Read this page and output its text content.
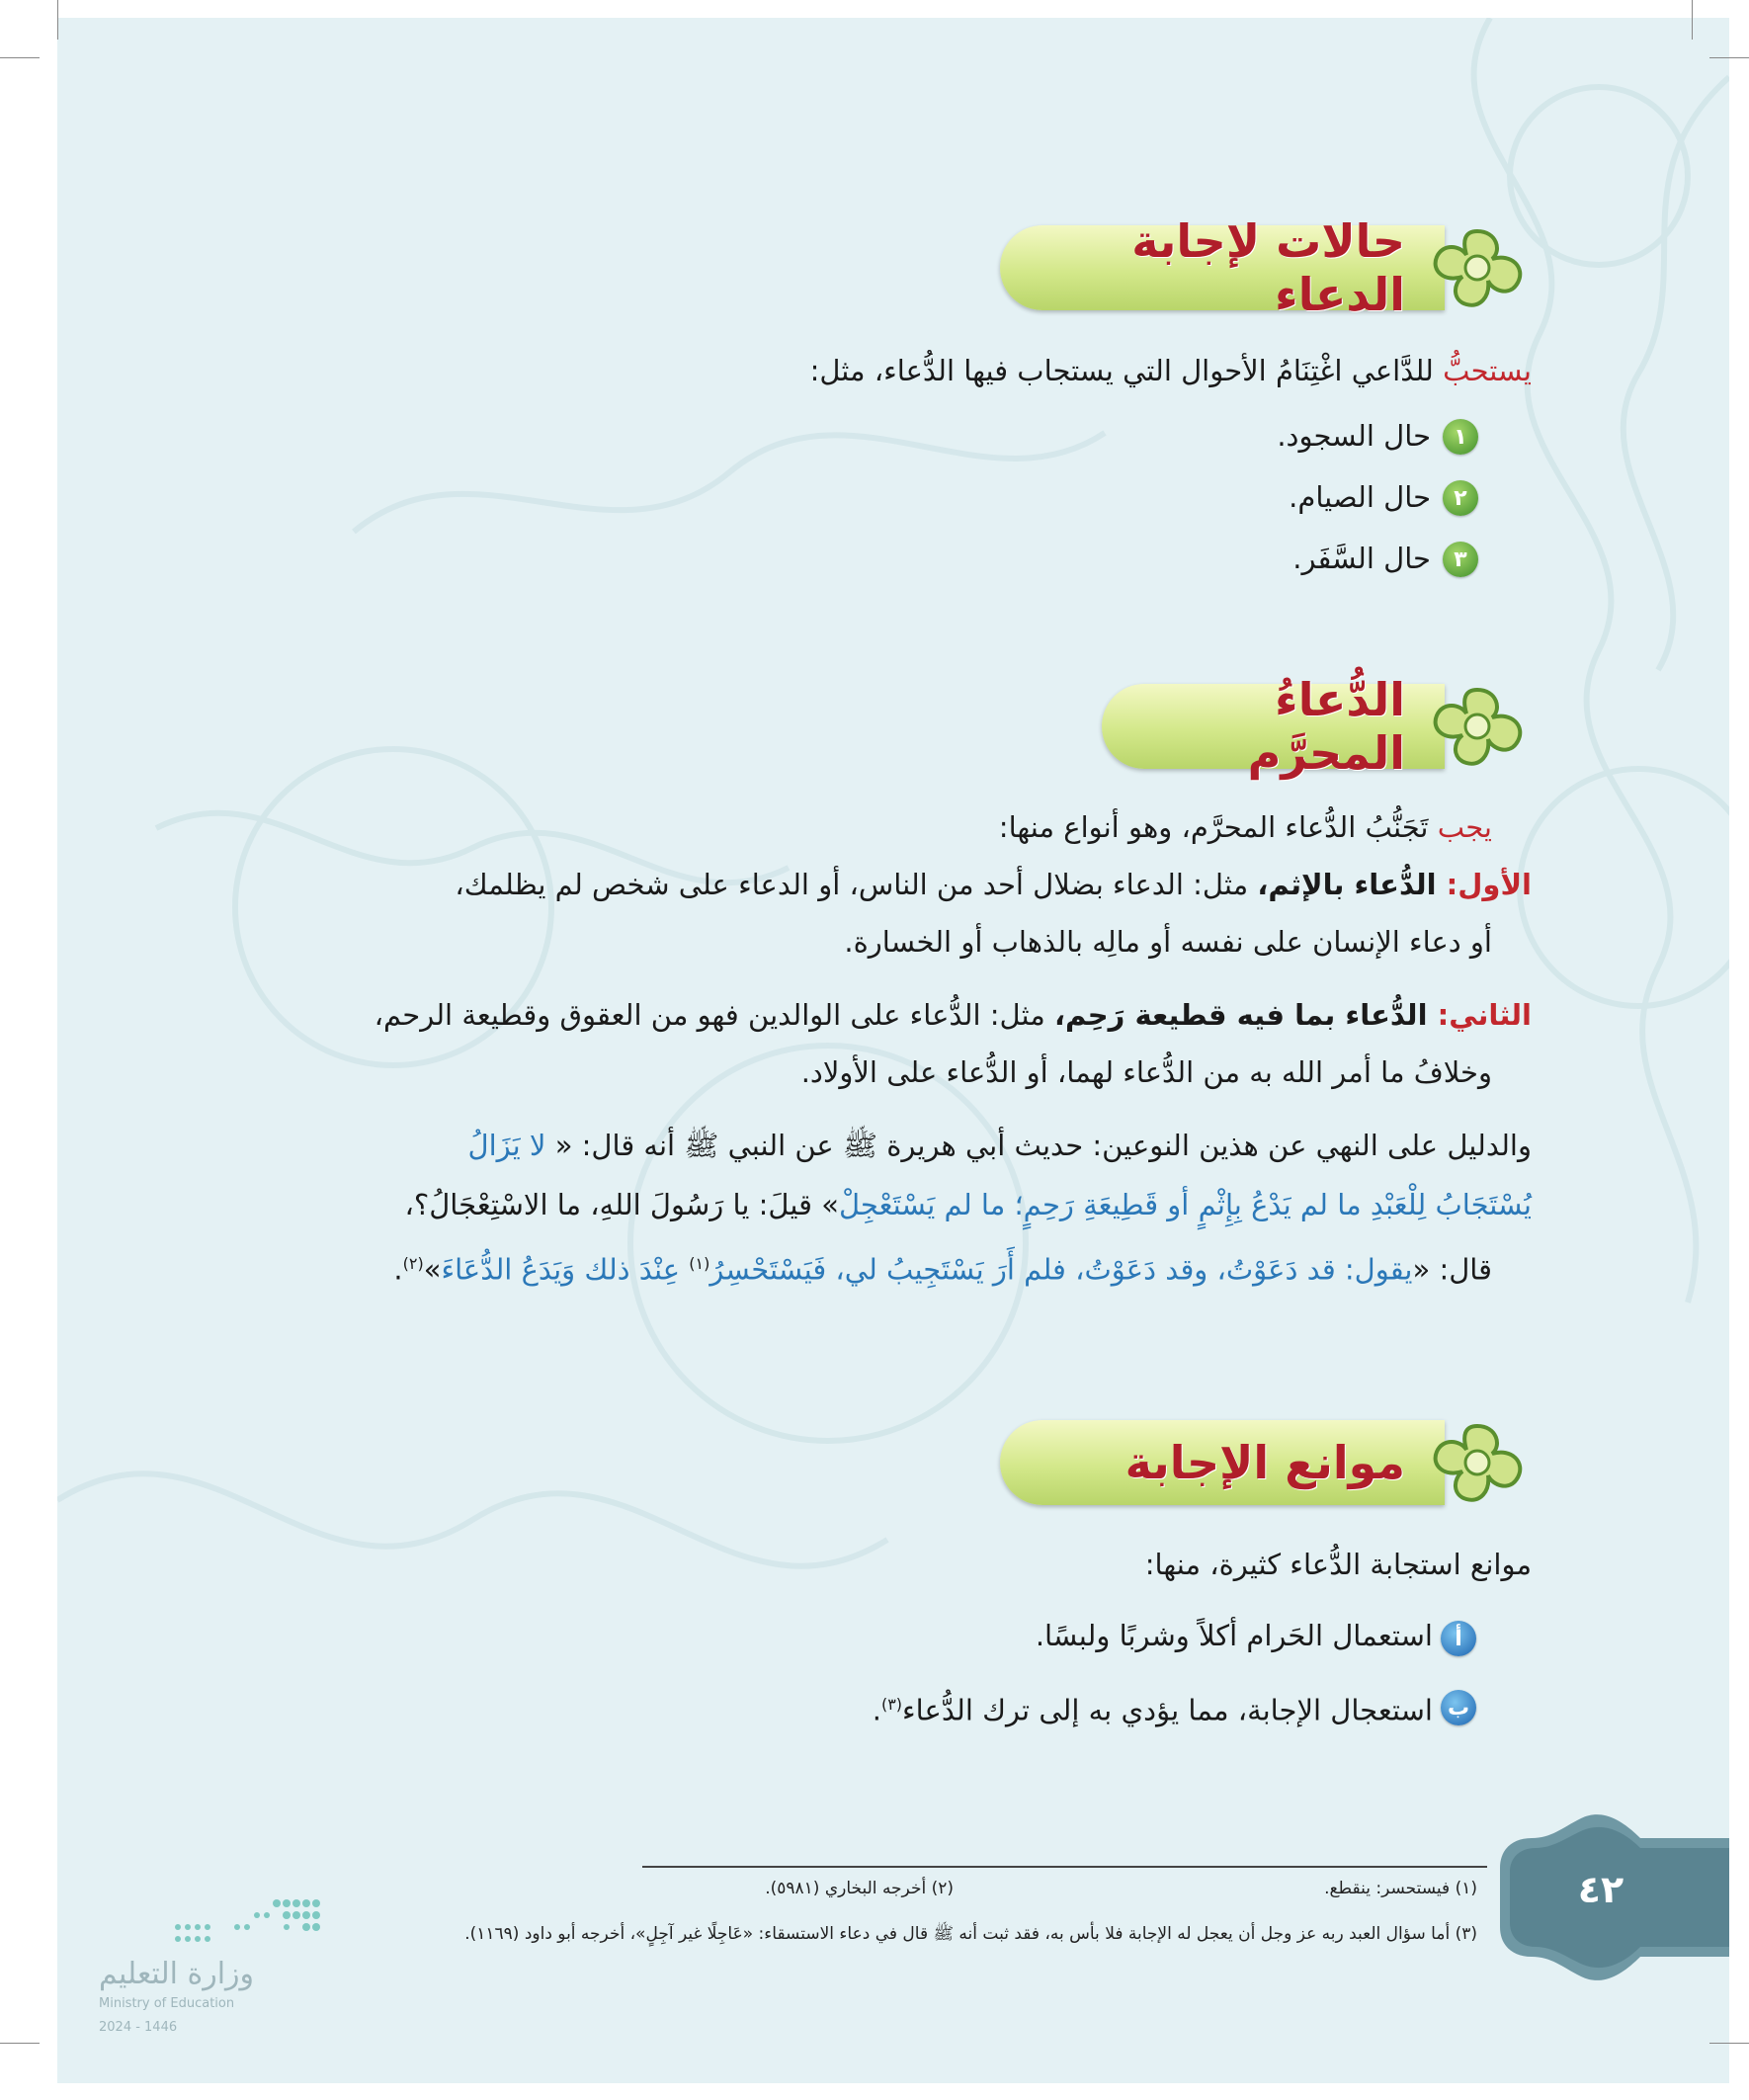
حالات لإجابة الدعاء
يستحبُّ للدَّاعي اغْتِنَامُ الأحوال التي يستجاب فيها الدُّعاء، مثل:
١
حال السجود.
٢
حال الصيام.
٣
حال السَّفَر.
الدُّعاءُ المحرَّم
يجب تَجَنُّبُ الدُّعاء المحرَّم، وهو أنواع منها:
الأول: الدُّعاء بالإثم، مثل: الدعاء بضلال أحد من الناس، أو الدعاء على شخص لم يظلمك،
أو دعاء الإنسان على نفسه أو مالِه بالذهاب أو الخسارة.
الثاني: الدُّعاء بما فيه قطيعة رَحِم، مثل: الدُّعاء على الوالدين فهو من العقوق وقطيعة الرحم،
وخلافُ ما أمر الله به من الدُّعاء لهما، أو الدُّعاء على الأولاد.
والدليل على النهي عن هذين النوعين: حديث أبي هريرة ﷺ عن النبي ﷺ أنه قال: « لا يَزَالُ
يُسْتَجَابُ لِلْعَبْدِ ما لم يَدْعُ بِإِثْمٍ أو قَطِيعَةِ رَحِمٍ؛ ما لم يَسْتَعْجِلْ» قيلَ: يا رَسُولَ اللهِ، ما الاسْتِعْجَالُ؟،
قال: «يقول: قد دَعَوْتُ، وقد دَعَوْتُ، فلم أَرَ يَسْتَجِيبُ لي، فَيَسْتَحْسِرُ$^{(١)}$ عِنْدَ ذلك وَيَدَعُ الدُّعَاءَ»$^{(٢)}$.
موانع الإجابة
موانع استجابة الدُّعاء كثيرة، منها:
أ
استعمال الحَرام أكلاً وشربًا ولبسًا.
ب
استعجال الإجابة، مما يؤدي به إلى ترك الدُّعاء$^{(٣)}$.
(١) فيستحسر: ينقطع.
(٢) أخرجه البخاري (٥٩٨١).
(٣) أما سؤال العبد ربه عز وجل أن يعجل له الإجابة فلا بأس به، فقد ثبت أنه ﷺ قال في دعاء الاستسقاء: «عَاجِلًا غير آجِلٍ»، أخرجه أبو داود (١١٦٩).
٤٢
وزارة التعليم
Ministry of Education
2024 - 1446
